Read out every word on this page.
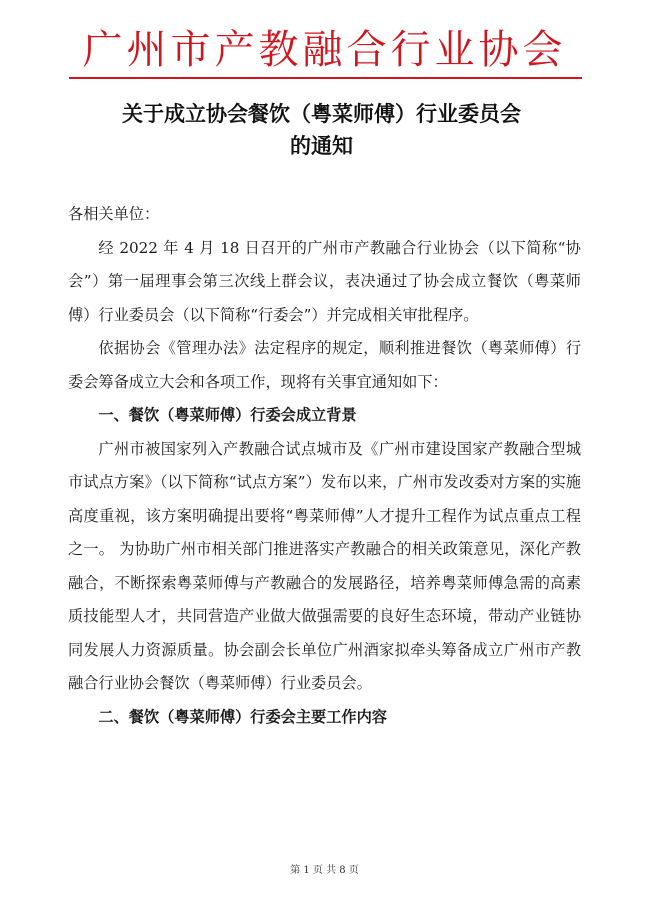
广州市产教融合行业协会
关于成立协会餐饮（粤菜师傅）行业委员会
的通知

各相关单位：

经 2022 年 4 月 18 日召开的广州市产教融合行业协会（以下简称“协会”）第一届理事会第三次线上群会议，表决通过了协会成立餐饮（粤菜师傅）行业委员会（以下简称“行委会”）并完成相关审批程序。

依据协会《管理办法》法定程序的规定，顺利推进餐饮（粤菜师傅）行委会筹备成立大会和各项工作，现将有关事宜通知如下：

一、餐饮（粤菜师傅）行委会成立背景

广州市被国家列入产教融合试点城市及《广州市建设国家产教融合型城市试点方案》（以下简称“试点方案”）发布以来，广州市发改委对方案的实施高度重视，该方案明确提出要将“粤菜师傅”人才提升工程作为试点重点工程之一。 为协助广州市相关部门推进落实产教融合的相关政策意见，深化产教融合，不断探索粤菜师傅与产教融合的发展路径，培养粤菜师傅急需的高素质技能型人才，共同营造产业做大做强需要的良好生态环境，带动产业链协同发展人力资源质量。协会副会长单位广州酒家拟牵头筹备成立广州市产教融合行业协会餐饮（粤菜师傅）行业委员会。

二、餐饮（粤菜师傅）行委会主要工作内容

第 1 页 共 8 页
